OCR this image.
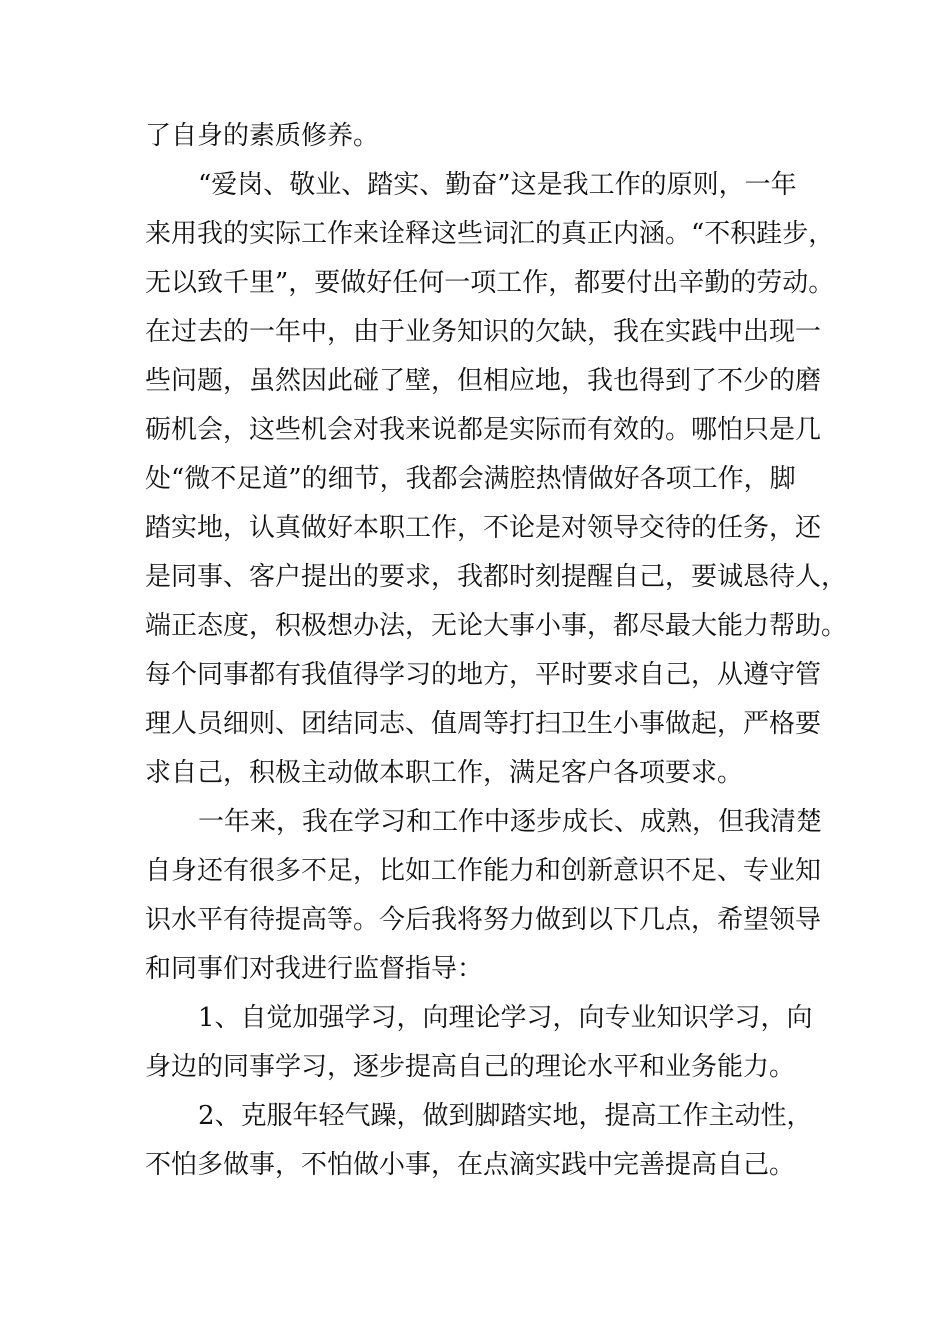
了自身的素质修养。
“爱岗、敬业、踏实、勤奋”这是我工作的原则，一年
来用我的实际工作来诠释这些词汇的真正内涵。“不积跬步，
无以致千里”，要做好任何一项工作，都要付出辛勤的劳动。
在过去的一年中，由于业务知识的欠缺，我在实践中出现一
些问题，虽然因此碰了壁，但相应地，我也得到了不少的磨
砺机会，这些机会对我来说都是实际而有效的。哪怕只是几
处“微不足道”的细节，我都会满腔热情做好各项工作，脚
踏实地，认真做好本职工作，不论是对领导交待的任务，还
是同事、客户提出的要求，我都时刻提醒自己，要诚恳待人，
端正态度，积极想办法，无论大事小事，都尽最大能力帮助。
每个同事都有我值得学习的地方，平时要求自己，从遵守管
理人员细则、团结同志、值周等打扫卫生小事做起，严格要
求自己，积极主动做本职工作，满足客户各项要求。
一年来，我在学习和工作中逐步成长、成熟，但我清楚
自身还有很多不足，比如工作能力和创新意识不足、专业知
识水平有待提高等。今后我将努力做到以下几点，希望领导
和同事们对我进行监督指导：
1、自觉加强学习，向理论学习，向专业知识学习，向
身边的同事学习，逐步提高自己的理论水平和业务能力。
2、克服年轻气躁，做到脚踏实地，提高工作主动性，
不怕多做事，不怕做小事，在点滴实践中完善提高自己。
